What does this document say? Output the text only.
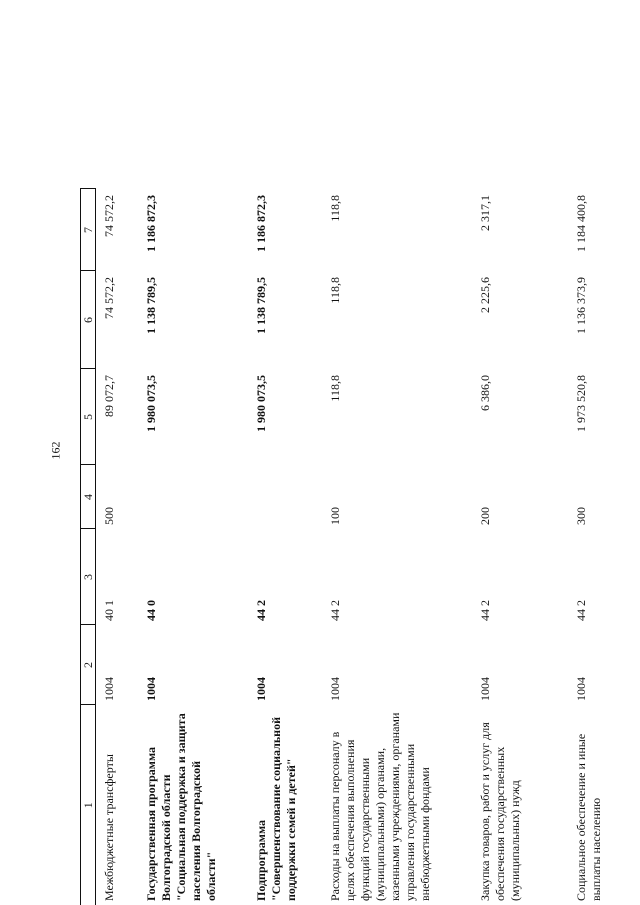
162
1	2	3	4	5	6	7
Межбюджетные трансферты	1004	40 1	500	89 072,7	74 572,2	74 572,2
Государственная программа Волгоградской области "Социальная поддержка и защита населения Волгоградской области"	1004	44 0		1 980 073,5	1 138 789,5	1 186 872,3
Подпрограмма "Совершенствование социальной поддержки семей и детей"	1004	44 2		1 980 073,5	1 138 789,5	1 186 872,3
Расходы на выплаты персоналу в целях обеспечения выполнения функций государственными (муниципальными) органами, казенными учреждениями, органами управления государственными внебюджетными фондами	1004	44 2	100	118,8	118,8	118,8
Закупка товаров, работ и услуг для обеспечения государственных (муниципальных) нужд	1004	44 2	200	6 386,0	2 225,6	2 317,1
Социальное обеспечение и иные выплаты населению	1004	44 2	300	1 973 520,8	1 136 373,9	1 184 400,8
